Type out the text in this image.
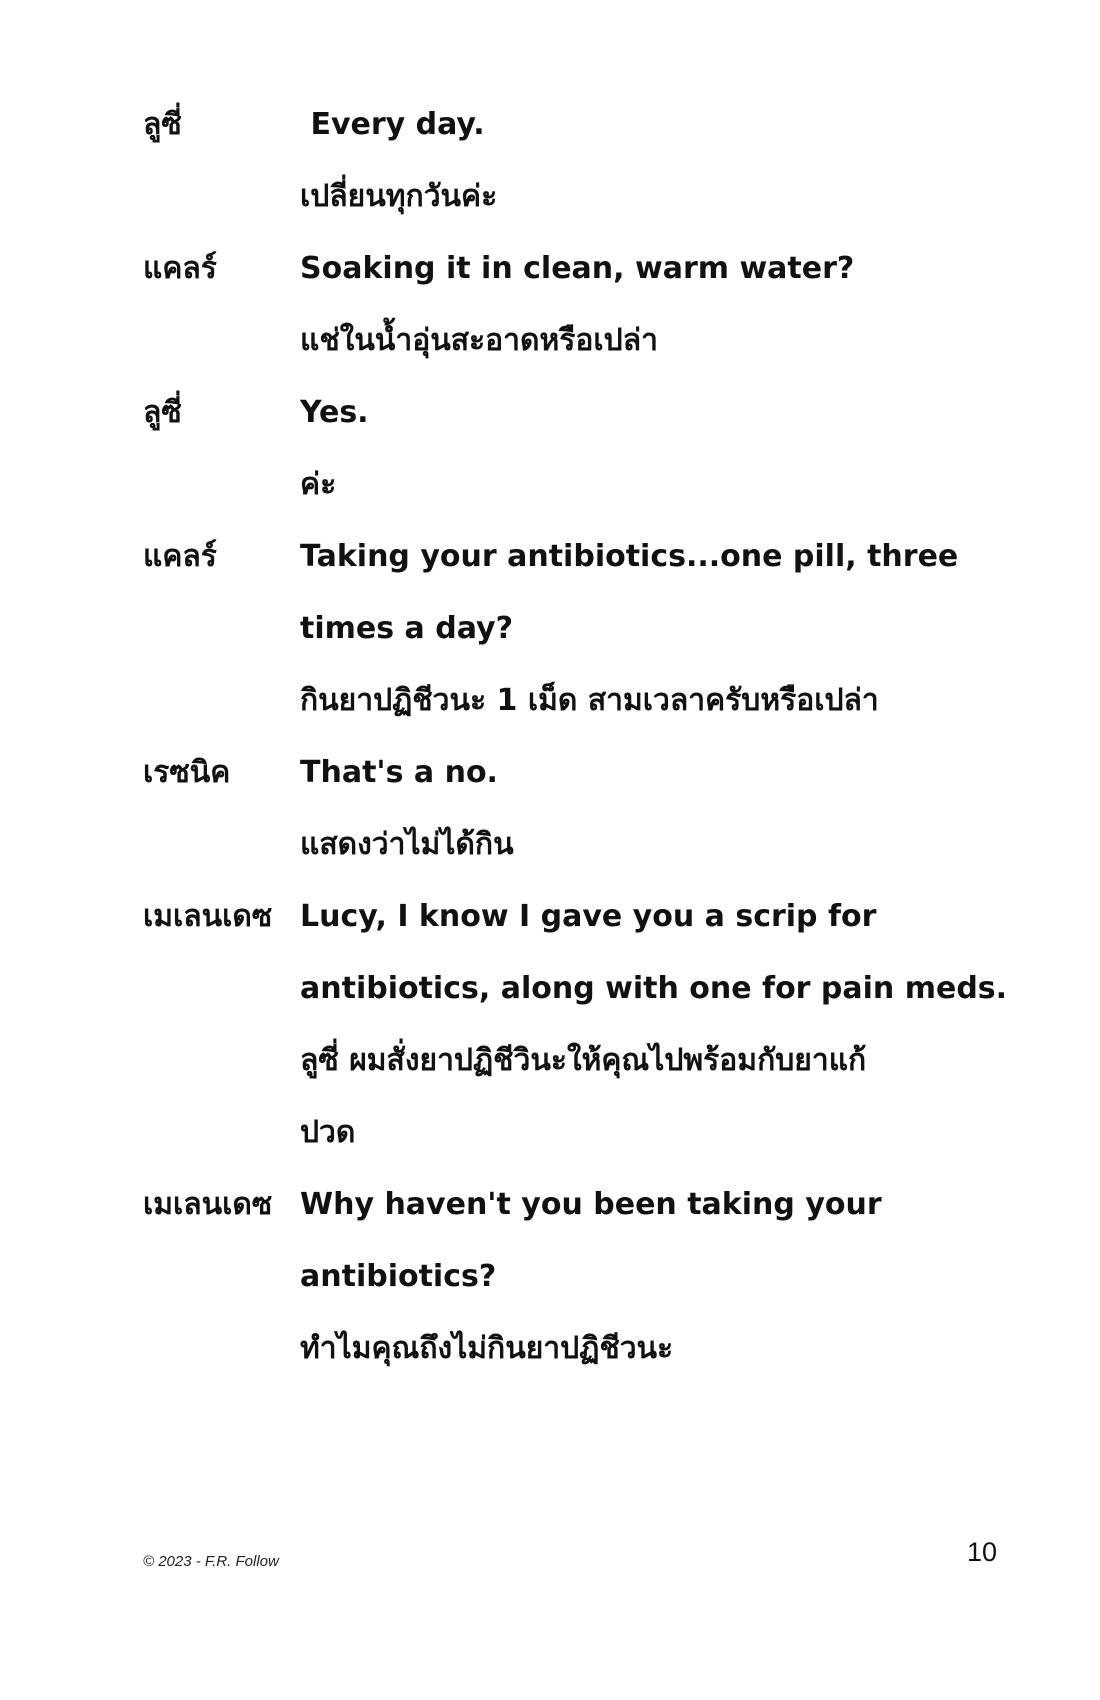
ลูซี่	Every day.
เปลี่ยนทุกวันค่ะ
แคลร์	Soaking it in clean, warm water?
แช่ในน้ำอุ่นสะอาดหรือเปล่า
ลูซี่	Yes.
ค่ะ
แคลร์	Taking your antibiotics...one pill, three
times a day?
กินยาปฏิชีวนะ 1 เม็ด สามเวลาครับหรือเปล่า
เรซนิค	That's a no.
แสดงว่าไม่ได้กิน
เมเลนเดซ Lucy, I know I gave you a scrip for
antibiotics, along with one for pain meds.
ลูซี่ ผมสั่งยาปฏิชีวินะให้คุณไปพร้อมกับยาแก้
ปวด
เมเลนเดซ Why haven't you been taking your
antibiotics?
ทำไมคุณถึงไม่กินยาปฏิชีวนะ
© 2023 - F.R. Follow	10
